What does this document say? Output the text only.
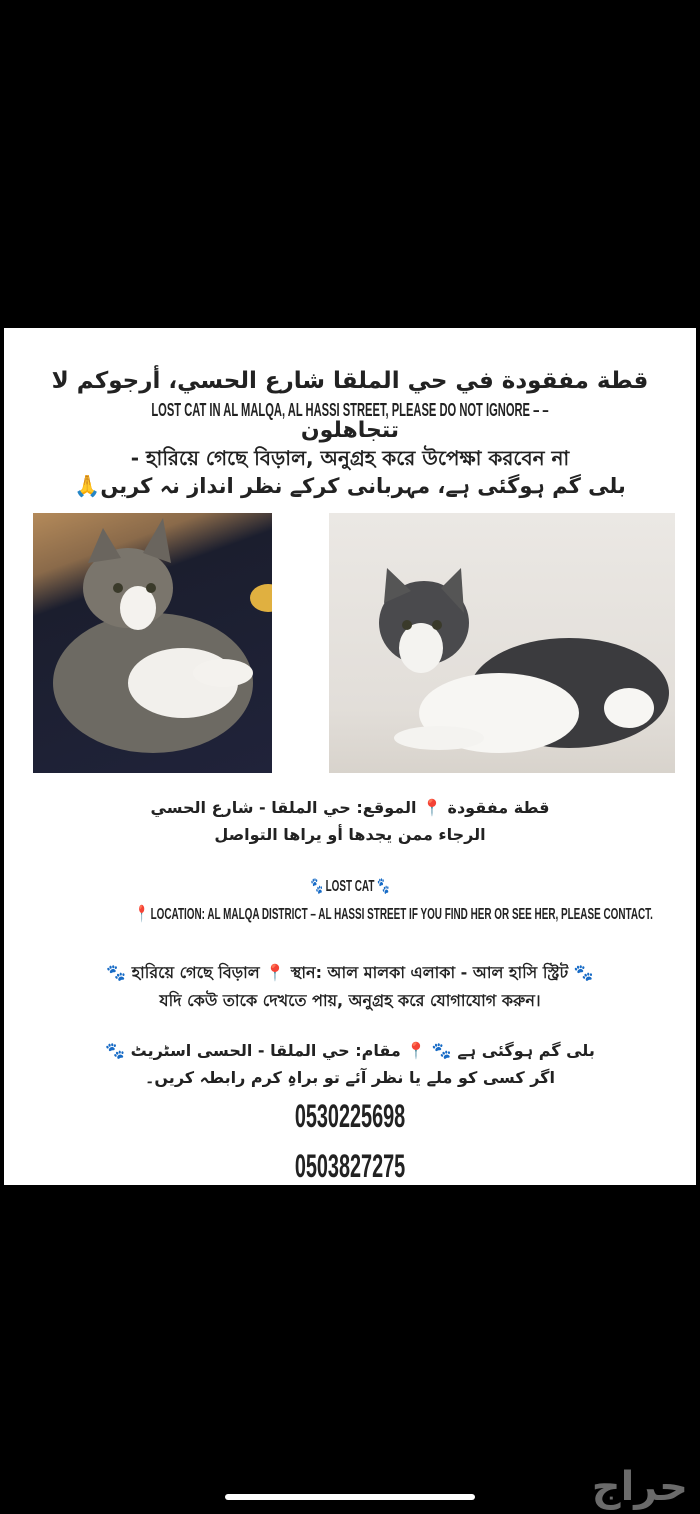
قطة مفقودة في حي الملقا شارع الحسي، أرجوكم لا
LOST CAT IN AL MALQA, AL HASSI STREET, PLEASE DO NOT IGNORE – –
تتجاهلون
- হারিয়ে গেছে বিড়াল, অনুগ্রহ করে উপেক্ষা করবেন না
بلی گم ہوگئی ہے، مہربانی کرکے نظر انداز نہ کریں🙏
قطة مفقودة 📍 الموقع: حي الملقا - شارع الحسي
الرجاء ممن يجدها أو يراها التواصل
🐾 LOST CAT 🐾
📍 LOCATION: AL MALQA DISTRICT – AL HASSI STREET IF YOU FIND HER OR SEE HER, PLEASE CONTACT.
🐾 হারিয়ে গেছে বিড়াল 📍 স্থান: আল মালকা এলাকা - আল হাসি স্ট্রিট 🐾
যদি কেউ তাকে দেখতে পায়, অনুগ্রহ করে যোগাযোগ করুন।
بلی گم ہوگئی ہے 🐾 📍 مقام: حي الملقا - الحسی اسٹریٹ 🐾
اگر کسی کو ملے یا نظر آئے تو براہِ کرم رابطہ کریں۔
0530225698
0503827275
حراج
